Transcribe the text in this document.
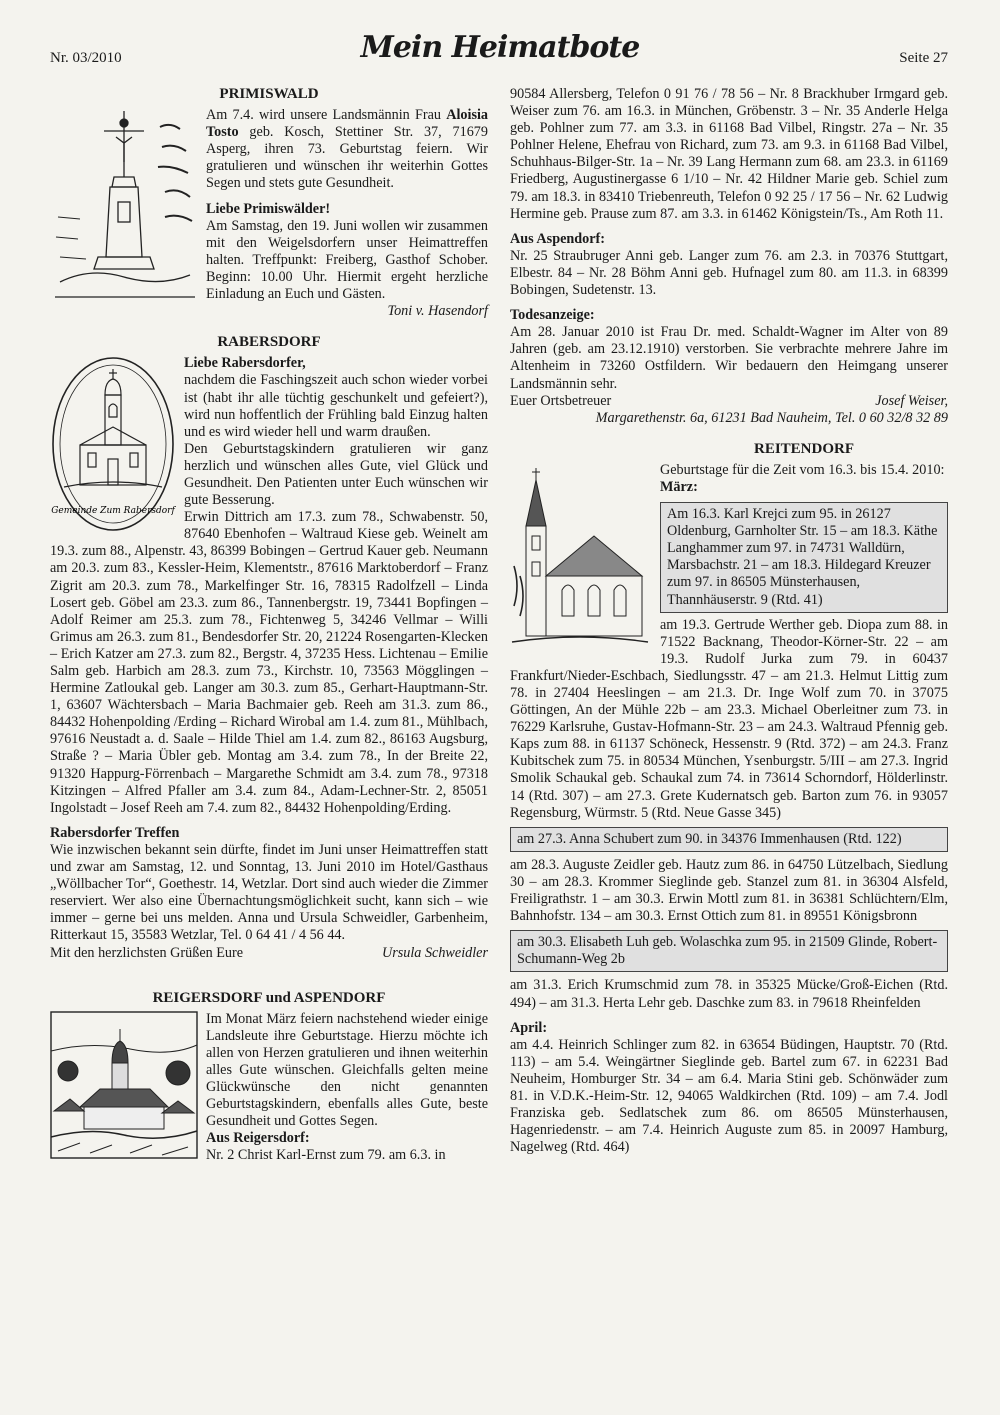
Nr. 03/2010	Mein Heimatbote	Seite 27
PRIMISWALD

Am 7.4. wird unsere Landsmännin Frau Aloisia Tosto geb. Kosch, Stettiner Str. 37, 71679 Asperg, ihren 73. Geburtstag feiern. Wir gratulieren und wünschen ihr weiterhin Gottes Segen und stets gute Gesundheit.

Liebe Primiswälder!

Am Samstag, den 19. Juni wollen wir zusammen mit den Weigelsdorfern unser Heimattreffen halten. Treffpunkt: Freiberg, Gasthof Schober. Beginn: 10.00 Uhr. Hiermit ergeht herzliche Einladung an Euch und Gästen.

Toni v. Hasendorf

RABERSDORF
Gemeinde Zum Rabersdorf

Liebe Rabersdorfer,

nachdem die Faschingszeit auch schon wieder vorbei ist (habt ihr alle tüchtig geschunkelt und gefeiert?), wird nun hoffentlich der Frühling bald Einzug halten und es wird wieder hell und warm draußen.

Den Geburtstagskindern gratulieren wir ganz herzlich und wünschen alles Gute, viel Glück und Gesundheit. Den Patienten unter Euch wünschen wir gute Besserung.

Erwin Dittrich am 17.3. zum 78., Schwabenstr. 50, 87640 Ebenhofen – Waltraud Kiese geb. Weinelt am 19.3. zum 88., Alpenstr. 43, 86399 Bobingen – Gertrud Kauer geb. Neumann am 20.3. zum 83., Kessler-Heim, Klementstr., 87616 Marktoberdorf – Franz Zigrit am 20.3. zum 78., Markelfinger Str. 16, 78315 Radolfzell – Linda Losert geb. Göbel am 23.3. zum 86., Tannenbergstr. 19, 73441 Bopfingen – Adolf Reimer am 25.3. zum 78., Fichtenweg 5, 34246 Vellmar – Willi Grimus am 26.3. zum 81., Bendesdorfer Str. 20, 21224 Rosengarten-Klecken – Erich Katzer am 27.3. zum 82., Bergstr. 4, 37235 Hess. Lichtenau – Emilie Salm geb. Harbich am 28.3. zum 73., Kirchstr. 10, 73563 Mögglingen – Hermine Zatloukal geb. Langer am 30.3. zum 85., Gerhart-Hauptmann-Str. 1, 63607 Wächtersbach – Maria Bachmaier geb. Reeh am 31.3. zum 86., 84432 Hohenpolding /Erding – Richard Wirobal am 1.4. zum 81., Mühlbach, 97616 Neustadt a. d. Saale – Hilde Thiel am 1.4. zum 82., 86163 Augsburg, Straße ? – Maria Übler geb. Montag am 3.4. zum 78., In der Breite 22, 91320 Happurg-Förrenbach – Margarethe Schmidt am 3.4. zum 78., 97318 Kitzingen – Alfred Pfaller am 3.4. zum 84., Adam-Lechner-Str. 2, 85051 Ingolstadt – Josef Reeh am 7.4. zum 82., 84432 Hohenpolding/Erding.

Rabersdorfer Treffen

Wie inzwischen bekannt sein dürfte, findet im Juni unser Heimattreffen statt und zwar am Samstag, 12. und Sonntag, 13. Juni 2010 im Hotel/Gasthaus „Wöllbacher Tor“, Goethestr. 14, Wetzlar. Dort sind auch wieder die Zimmer reserviert. Wer also eine Übernachtungsmöglichkeit sucht, kann sich – wie immer – gerne bei uns melden. Anna und Ursula Schweidler, Garbenheim, Ritterkaut 15, 35583 Wetzlar, Tel. 0 64 41 / 4 56 44.

Mit den herzlichsten Grüßen Eure	Ursula Schweidler
REIGERSDORF und ASPENDORF

Im Monat März feiern nachstehend wieder einige Landsleute ihre Geburtstage. Hierzu möchte ich allen von Herzen gratulieren und ihnen weiterhin alles Gute wünschen. Gleichfalls gelten meine Glückwünsche den nicht genannten Geburtstagskindern, ebenfalls alles Gute, beste Gesundheit und Gottes Segen.

Aus Reigersdorf:

Nr. 2 Christ Karl-Ernst zum 79. am 6.3. in

90584 Allersberg, Telefon 0 91 76 / 78 56 – Nr. 8 Brackhuber Irmgard geb. Weiser zum 76. am 16.3. in München, Gröbenstr. 3 – Nr. 35 Anderle Helga geb. Pohlner zum 77. am 3.3. in 61168 Bad Vilbel, Ringstr. 27a – Nr. 35 Pohlner Helene, Ehefrau von Richard, zum 73. am 9.3. in 61168 Bad Vilbel, Schuhhaus-Bilger-Str. 1a – Nr. 39 Lang Hermann zum 68. am 23.3. in 61169 Friedberg, Augustinergasse 6 1/10 – Nr. 42 Hildner Marie geb. Schiel zum 79. am 18.3. in 83410 Triebenreuth, Telefon 0 92 25 / 17 56 – Nr. 62 Ludwig Hermine geb. Prause zum 87. am 3.3. in 61462 Königstein/Ts., Am Roth 11.

Aus Aspendorf:

Nr. 25 Straubruger Anni geb. Langer zum 76. am 2.3. in 70376 Stuttgart, Elbestr. 84 – Nr. 28 Böhm Anni geb. Hufnagel zum 80. am 11.3. in 68399 Bobingen, Sudetenstr. 13.

Todesanzeige:

Am 28. Januar 2010 ist Frau Dr. med. Schaldt-Wagner im Alter von 89 Jahren (geb. am 23.12.1910) verstorben. Sie verbrachte mehrere Jahre im Altenheim in 73260 Ostfildern. Wir bedauern den Heimgang unserer Landsmännin sehr.

Euer Ortsbetreuer	Josef Weiser,

Margarethenstr. 6a, 61231 Bad Nauheim, Tel. 0 60 32/8 32 89

REITENDORF

Geburtstage für die Zeit vom 16.3. bis 15.4. 2010:

März:

Am 16.3. Karl Krejci zum 95. in 26127 Oldenburg, Garnholter Str. 15 – am 18.3. Käthe Langhammer zum 97. in 74731 Walldürn, Marsbachstr. 21 – am 18.3. Hildegard Kreuzer zum 97. in 86505 Münsterhausen, Thannhäuserstr. 9 (Rtd. 41)

am 19.3. Gertrude Werther geb. Diopa zum 88. in 71522 Backnang, Theodor-Körner-Str. 22 – am 19.3. Rudolf Jurka zum 79. in 60437 Frankfurt/Nieder-Eschbach, Siedlungsstr. 47 – am 21.3. Helmut Littig zum 78. in 27404 Heeslingen – am 21.3. Dr. Inge Wolf zum 70. in 37075 Göttingen, An der Mühle 22b – am 23.3. Michael Oberleitner zum 73. in 76229 Karlsruhe, Gustav-Hofmann-Str. 23 – am 24.3. Waltraud Pfennig geb. Kaps zum 88. in 61137 Schöneck, Hessenstr. 9 (Rtd. 372) – am 24.3. Franz Kubitschek zum 75. in 80534 München, Ysenburgstr. 5/III – am 27.3. Ingrid Smolik Schaukal geb. Schaukal zum 74. in 73614 Schorndorf, Hölderlinstr. 14 (Rtd. 307) – am 27.3. Grete Kudernatsch geb. Barton zum 76. in 93057 Regensburg, Würmstr. 5 (Rtd. Neue Gasse 345)

am 27.3. Anna Schubert zum 90. in 34376 Immenhausen (Rtd. 122)

am 28.3. Auguste Zeidler geb. Hautz zum 86. in 64750 Lützelbach, Siedlung 30 – am 28.3. Krommer Sieglinde geb. Stanzel zum 81. in 36304 Alsfeld, Freiligrathstr. 1 – am 30.3. Erwin Mottl zum 81. in 36381 Schlüchtern/Elm, Bahnhofstr. 134 – am 30.3. Ernst Ottich zum 81. in 89551 Königsbronn

am 30.3. Elisabeth Luh geb. Wolaschka zum 95. in 21509 Glinde, Robert-Schumann-Weg 2b

am 31.3. Erich Krumschmid zum 78. in 35325 Mücke/Groß-Eichen (Rtd. 494) – am 31.3. Herta Lehr geb. Daschke zum 83. in 79618 Rheinfelden

April:

am 4.4. Heinrich Schlinger zum 82. in 63654 Büdingen, Hauptstr. 70 (Rtd. 113) – am 5.4. Weingärtner Sieglinde geb. Bartel zum 67. in 62231 Bad Neuheim, Homburger Str. 34 – am 6.4. Maria Stini geb. Schönwäder zum 81. in V.D.K.-Heim-Str. 12, 94065 Waldkirchen (Rtd. 109) – am 7.4. Jodl Franziska geb. Sedlatschek zum 86. om 86505 Münsterhausen, Hagenriedenstr. – am 7.4. Heinrich Auguste zum 85. in 20097 Hamburg, Nagelweg (Rtd. 464)
